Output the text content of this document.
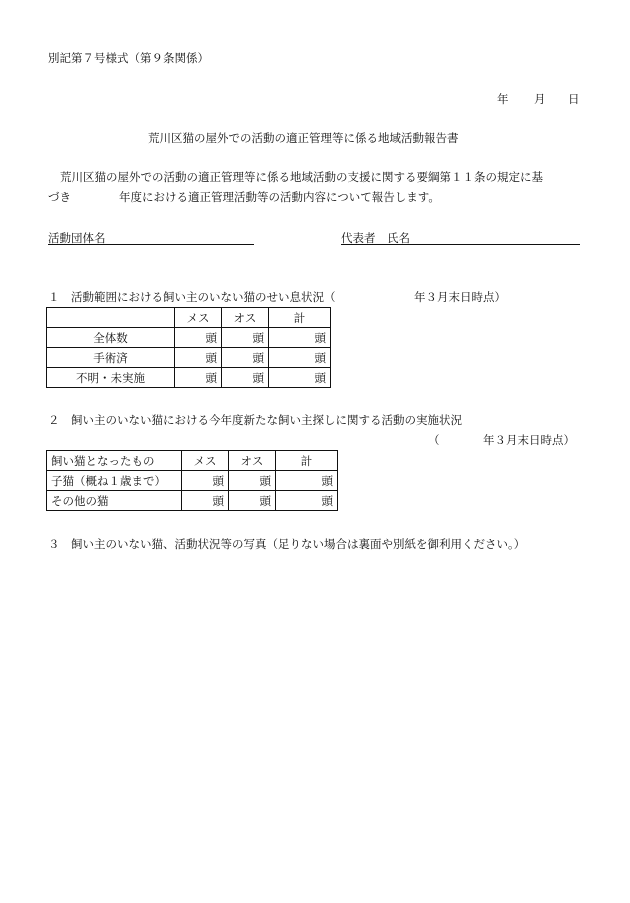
別記第７号様式（第９条関係）
年 月 日
荒川区猫の屋外での活動の適正管理等に係る地域活動報告書
荒川区猫の屋外での活動の適正管理等に係る地域活動の支援に関する要綱第１１条の規定に基
づき	年度における適正管理活動等の活動内容について報告します。
活動団体名	代表者　氏名
１　活動範囲における飼い主のいない猫のせい息状況（	年３月末日時点）
	メス	オス	計
全体数	頭	頭	頭
手術済	頭	頭	頭
不明・未実施	頭	頭	頭
２　飼い主のいない猫における今年度新たな飼い主探しに関する活動の実施状況
（	年３月末日時点）
飼い猫となったもの	メス	オス	計
子猫（概ね１歳まで）	頭	頭	頭
その他の猫	頭	頭	頭
３　飼い主のいない猫、活動状況等の写真（足りない場合は裏面や別紙を御利用ください。）
